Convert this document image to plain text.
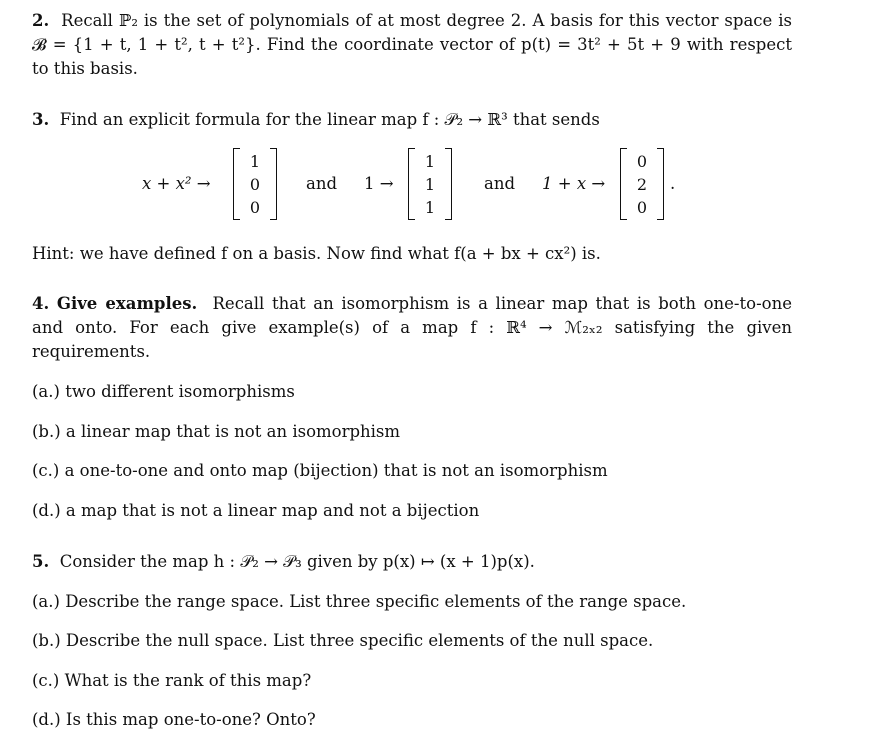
2. Recall ℙ₂ is the set of polynomials of at most degree 2. A basis for this vector space is 𝓑 = {1 + t, 1 + t², t + t²}. Find the coordinate vector of p(t) = 3t² + 5t + 9 with respect to this basis.
3. Find an explicit formula for the linear map f : 𝒫₂ → ℝ³ that sends
x + x² →
1
0
0
and 1 →
1
1
1
and 1 + x →
0
2
0
.
Hint: we have defined f on a basis. Now find what f(a + bx + cx²) is.
4. Give examples. Recall that an isomorphism is a linear map that is both one-to-one and onto. For each give example(s) of a map f : ℝ⁴ → ℳ₂ₓ₂ satisfying the given requirements.
(a.) two different isomorphisms
(b.) a linear map that is not an isomorphism
(c.) a one-to-one and onto map (bijection) that is not an isomorphism
(d.) a map that is not a linear map and not a bijection
5. Consider the map h : 𝒫₂ → 𝒫₃ given by p(x) ↦ (x + 1)p(x).
(a.) Describe the range space. List three specific elements of the range space.
(b.) Describe the null space. List three specific elements of the null space.
(c.) What is the rank of this map?
(d.) Is this map one-to-one? Onto?
